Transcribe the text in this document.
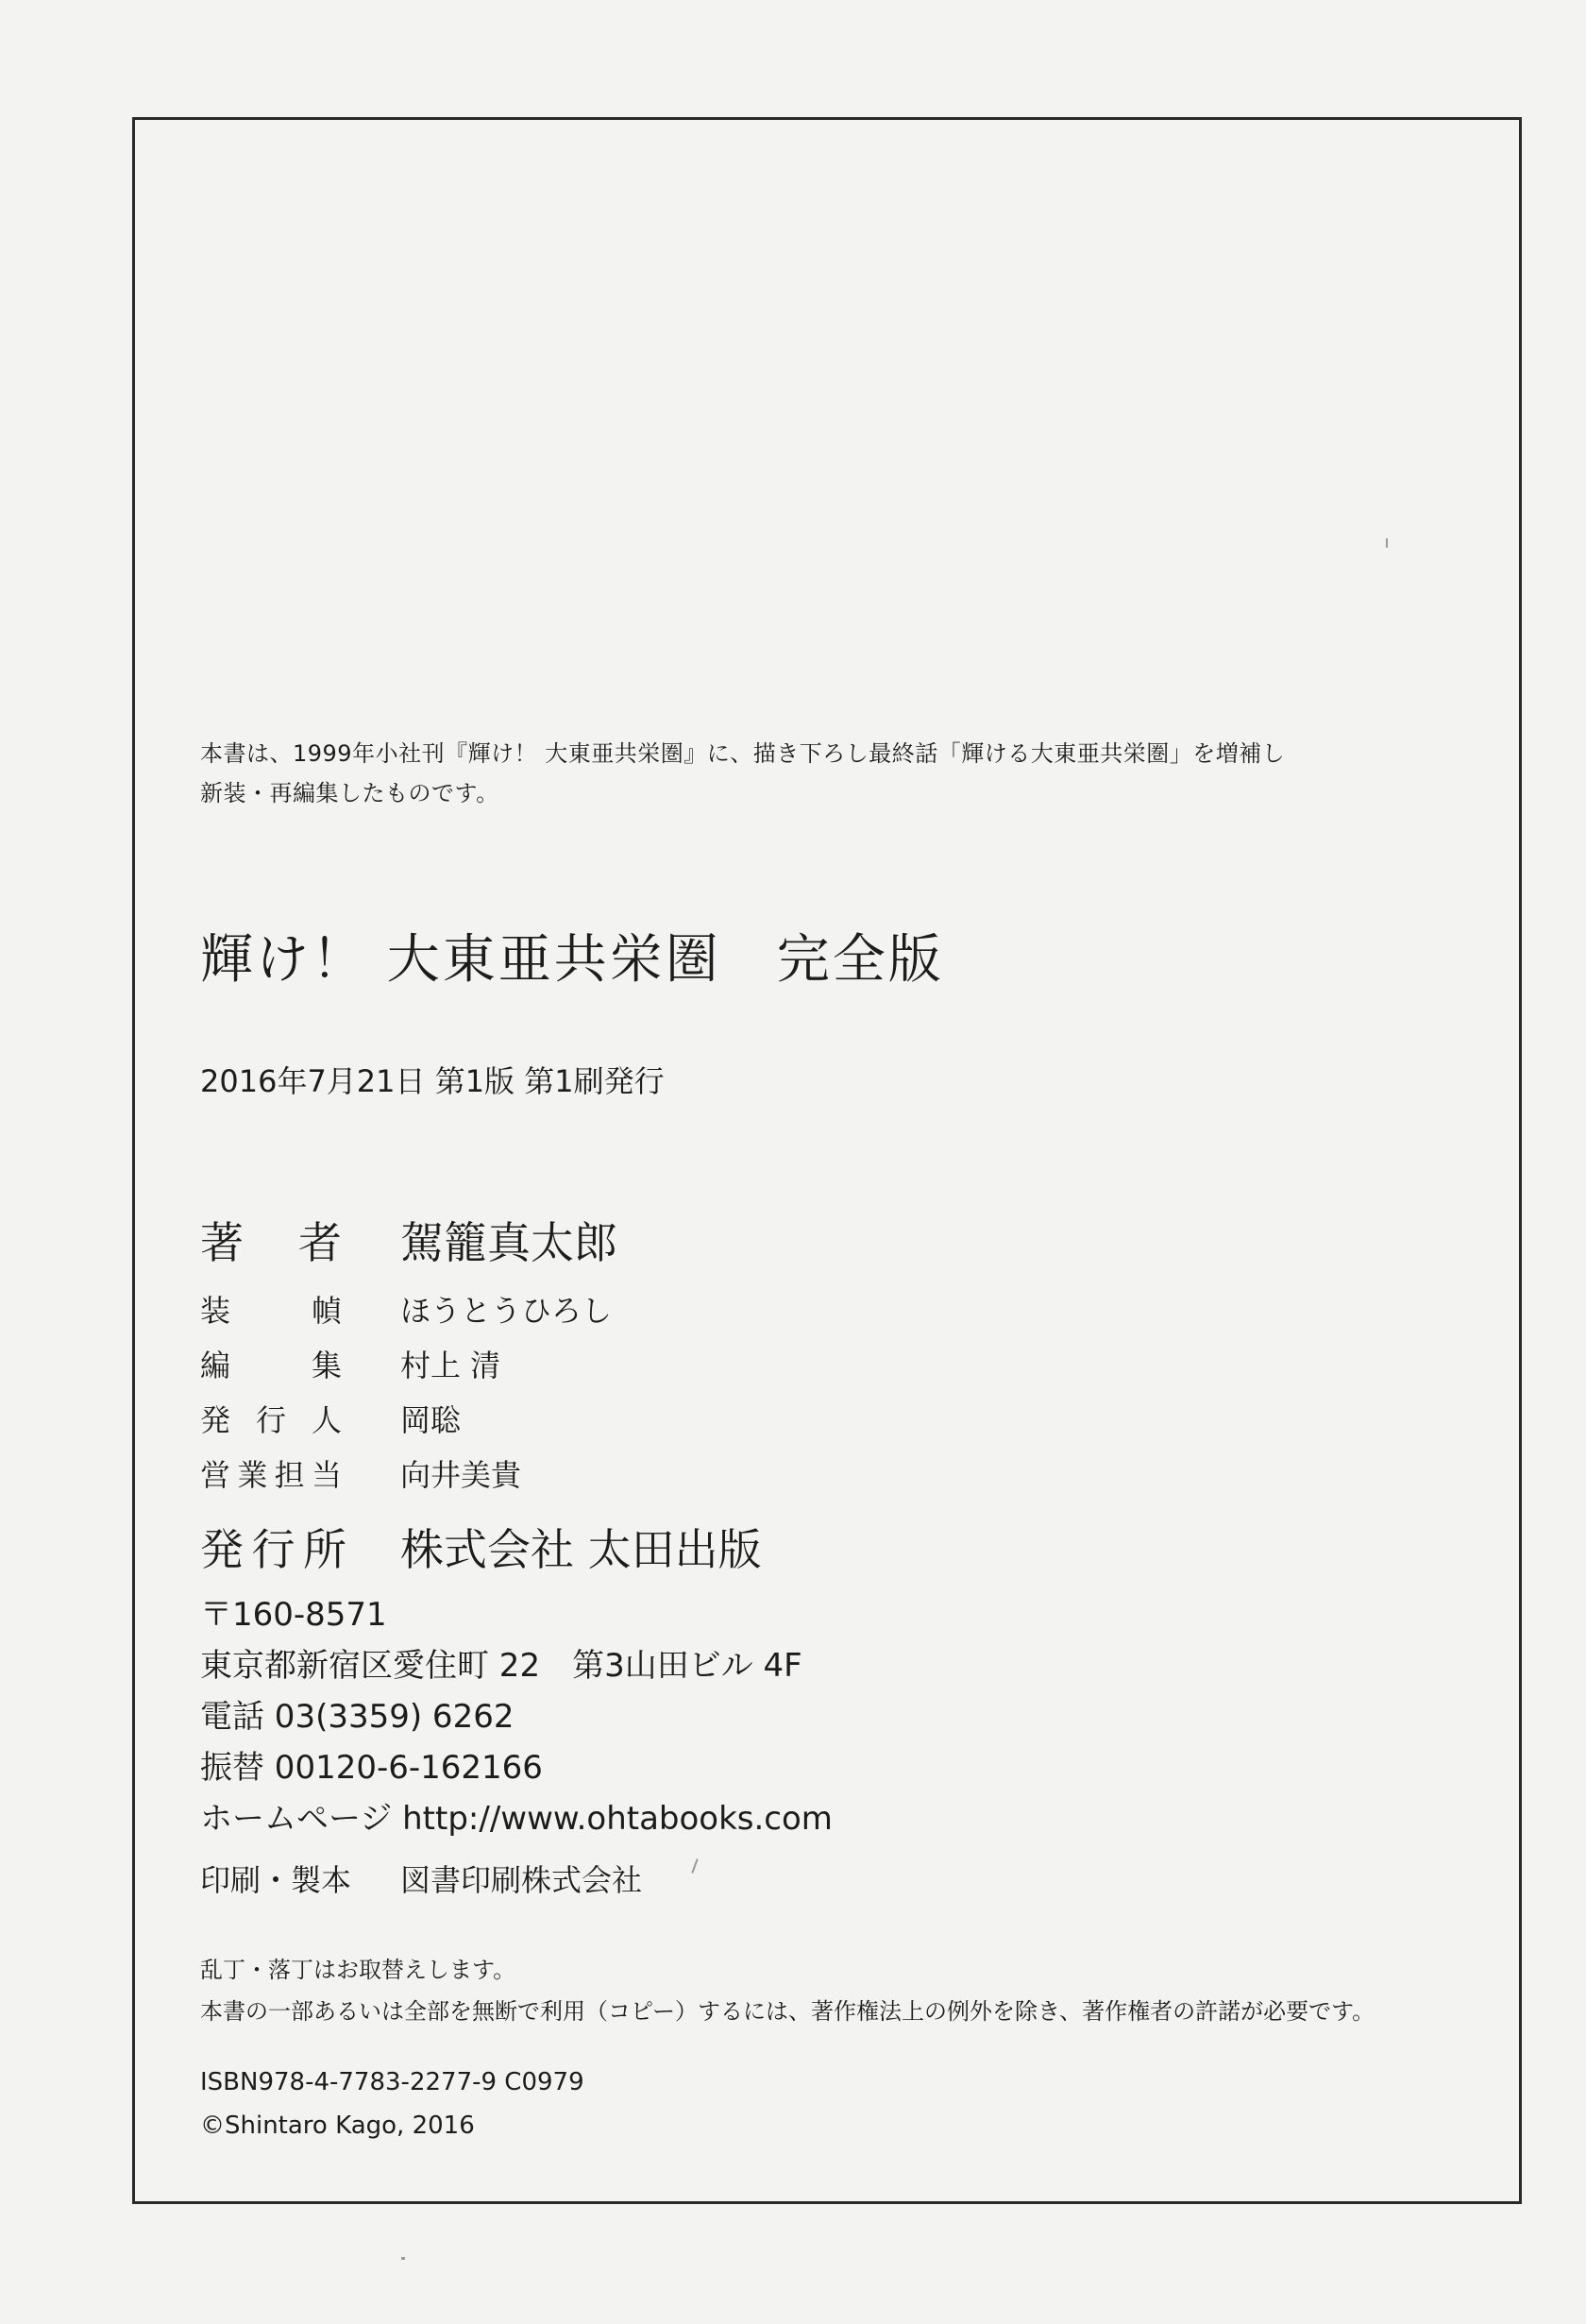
本書は、1999年小社刊『輝け！ 大東亜共栄圏』に、描き下ろし最終話「輝ける大東亜共栄圏」を増補し
新装・再編集したものです。
輝け！ 大東亜共栄圏　完全版
2016年7月21日 第1版 第1刷発行
著 者 駕籠真太郎
装	幀 ほうとうひろし
編	集 村上 清
発 行 人 岡聡
営 業 担 当 向井美貴
発 行 所 株式会社 太田出版
〒160-8571
東京都新宿区愛住町 22　第3山田ビル 4F
電話 03(3359) 6262
振替 00120-6-162166
ホームページ http://www.ohtabooks.com
印刷・製本 図書印刷株式会社
乱丁・落丁はお取替えします。
本書の一部あるいは全部を無断で利用（コピー）するには、著作権法上の例外を除き、著作権者の許諾が必要です。
ISBN978-4-7783-2277-9 C0979
©Shintaro Kago, 2016
